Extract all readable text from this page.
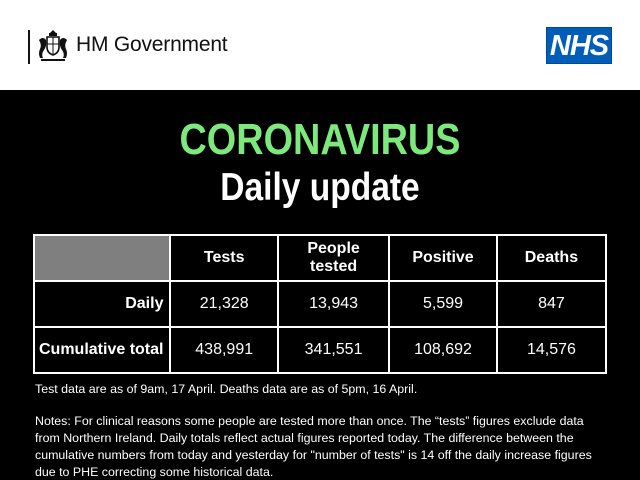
HM Government	NHS
CORONAVIRUS
Daily update
	Tests	People tested	Positive	Deaths
Daily	21,328	13,943	5,599	847
Cumulative total	438,991	341,551	108,692	14,576
Test data are as of 9am, 17 April. Deaths data are as of 5pm, 16 April.
Notes: For clinical reasons some people are tested more than once. The “tests” figures exclude data from Northern Ireland. Daily totals reflect actual figures reported today. The difference between the cumulative numbers from today and yesterday for "number of tests" is 14 off the daily increase figures due to PHE correcting some historical data.
